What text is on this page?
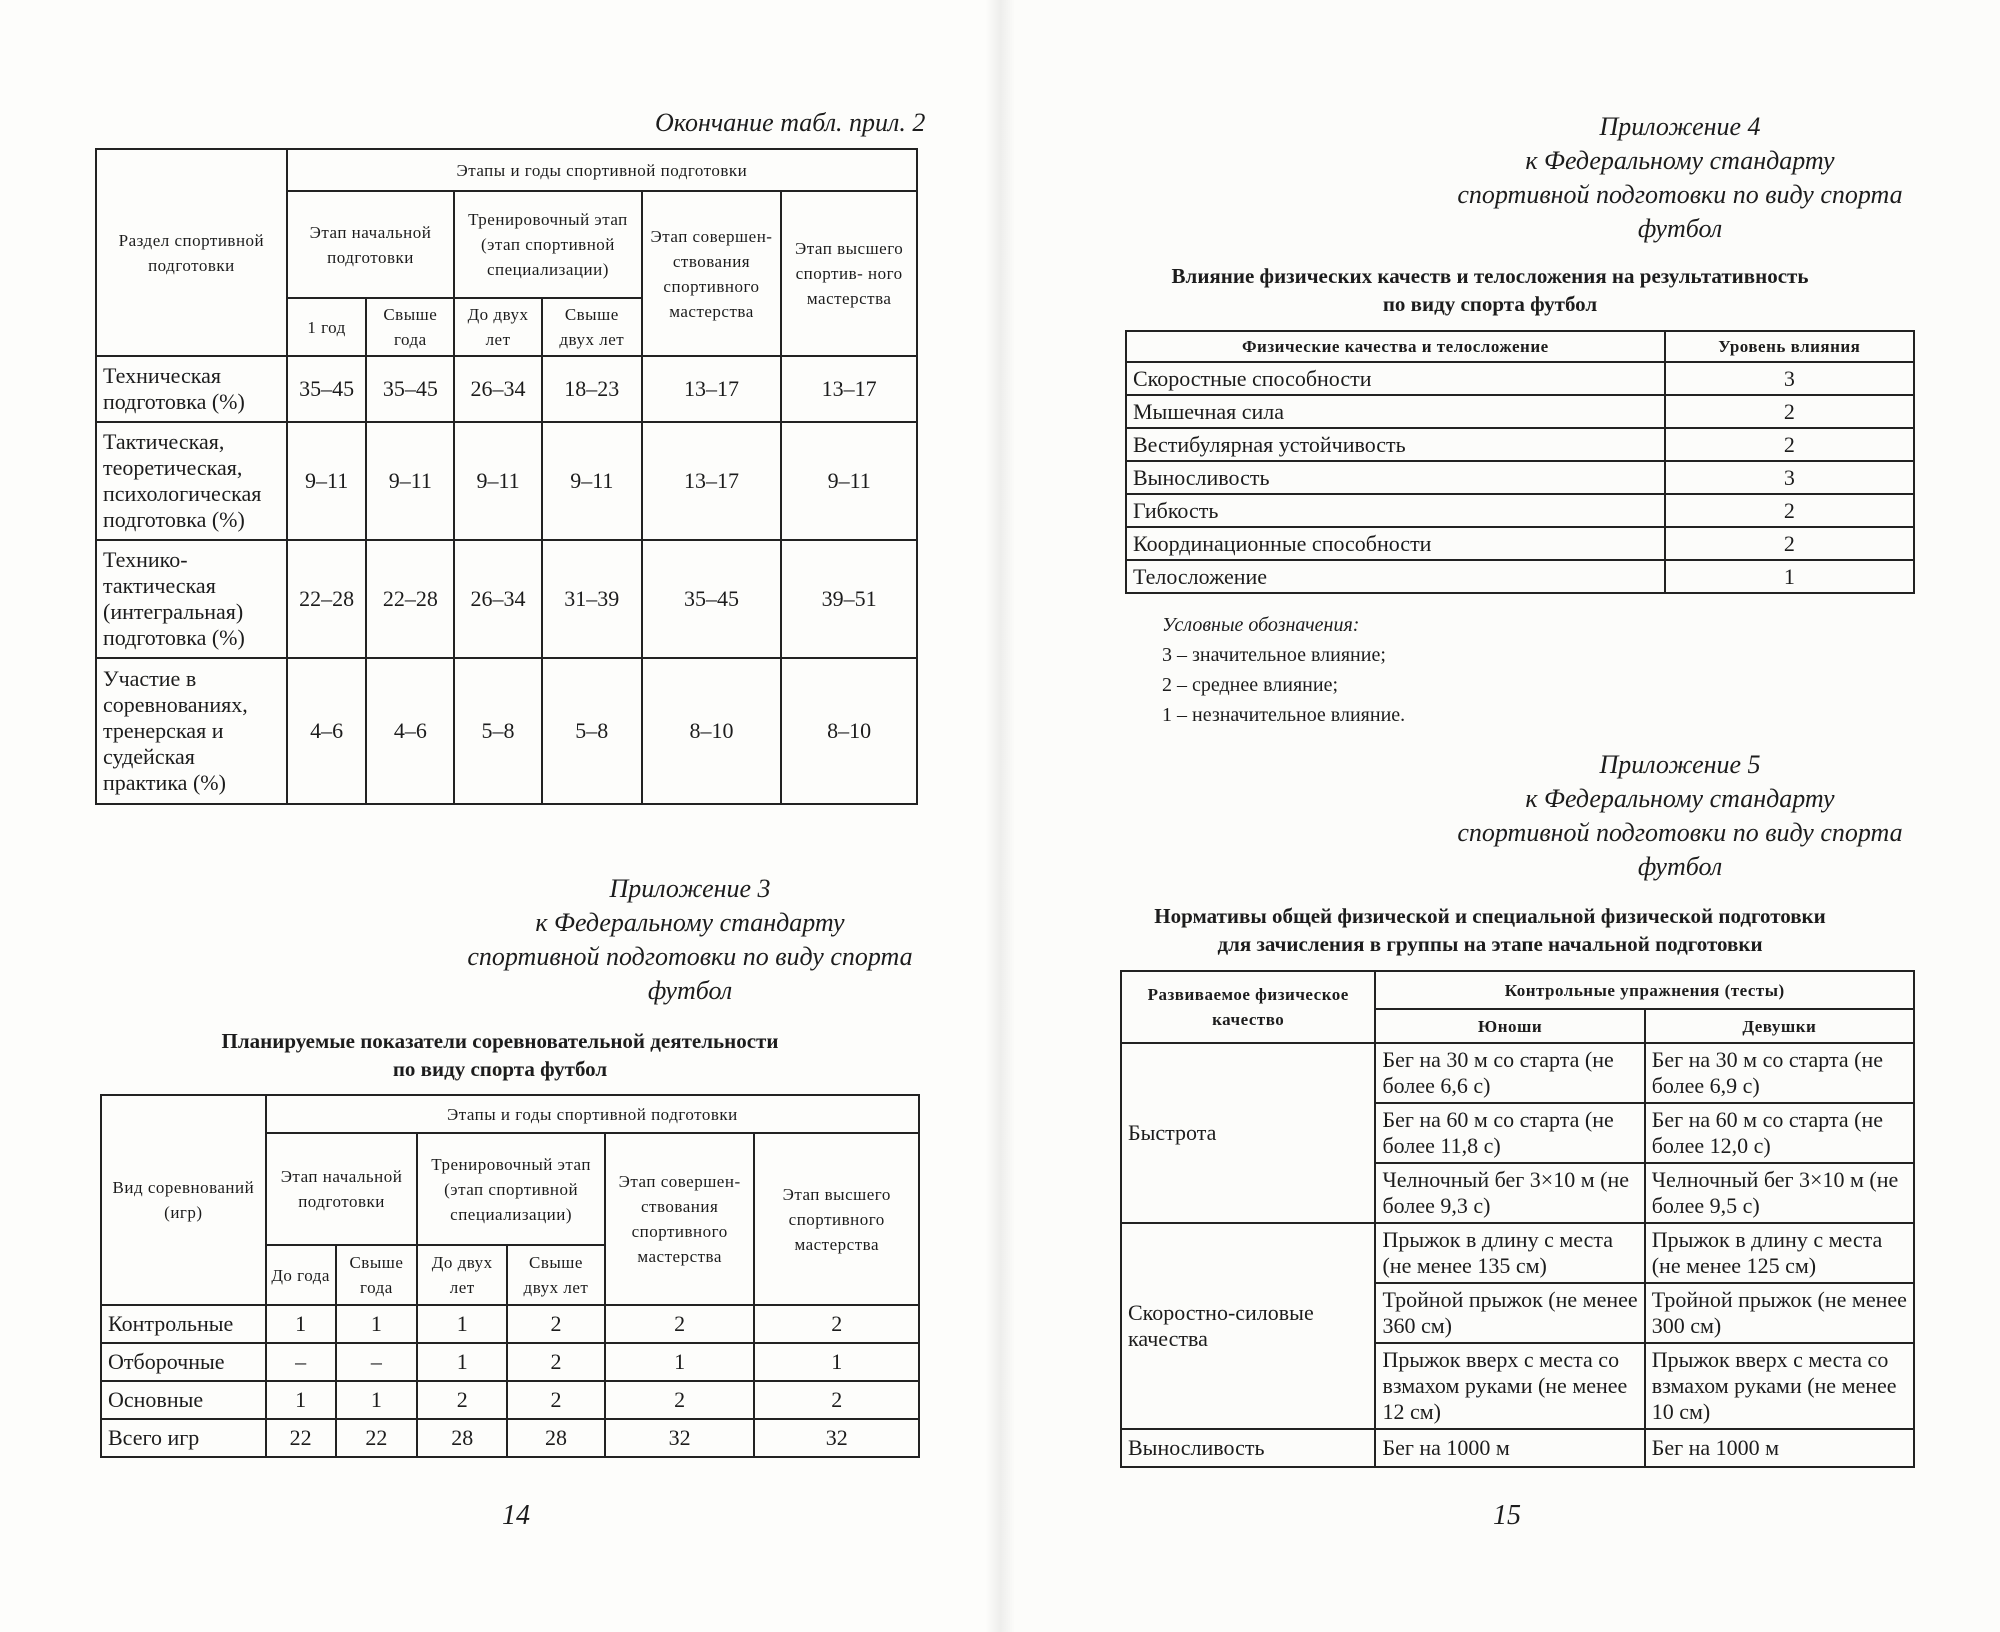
Окончание табл. прил. 2
Раздел спортивной подготовки	Этапы и годы спортивной подготовки					
	Этап начальной подготовки		Тренировочный этап (этап спортивной специализации)		Этап совершен- ствования спортивного мастерства	Этап высшего спортив- ного мастерства
	1 год	Свыше года	До двух лет	Свыше двух лет		
Техническая подготовка (%)	35–45	35–45	26–34	18–23	13–17	13–17
Тактическая, теоретическая, психологическая подготовка (%)	9–11	9–11	9–11	9–11	13–17	9–11
Технико-тактическая (интегральная) подготовка (%)	22–28	22–28	26–34	31–39	35–45	39–51
Участие в соревнованиях, тренерская и судейская практика (%)	4–6	4–6	5–8	5–8	8–10	8–10
Приложение 3
к Федеральному стандарту
спортивной подготовки по виду спорта
футбол
Планируемые показатели соревновательной деятельности
по виду спорта футбол
Вид соревнований (игр)	Этапы и годы спортивной подготовки					
	Этап начальной подготовки		Тренировочный этап (этап спортивной специализации)		Этап совершен- ствования спортивного мастерства	Этап высшего спортивного мастерства
	До года	Свыше года	До двух лет	Свыше двух лет		
Контрольные	1	1	1	2	2	2
Отборочные	–	–	1	2	1	1
Основные	1	1	2	2	2	2
Всего игр	22	22	28	28	32	32
14
Приложение 4
к Федеральному стандарту
спортивной подготовки по виду спорта
футбол
Влияние физических качеств и телосложения на результативность
по виду спорта футбол
Физические качества и телосложение	Уровень влияния
Скоростные способности	3
Мышечная сила	2
Вестибулярная устойчивость	2
Выносливость	3
Гибкость	2
Координационные способности	2
Телосложение	1
Условные обозначения:
3 – значительное влияние;
2 – среднее влияние;
1 – незначительное влияние.
Приложение 5
к Федеральному стандарту
спортивной подготовки по виду спорта
футбол
Нормативы общей физической и специальной физической подготовки
для зачисления в группы на этапе начальной подготовки
Развиваемое физическое качество	Контрольные упражнения (тесты)	
	Юноши	Девушки
Быстрота	Бег на 30 м со старта (не более 6,6 с)	Бег на 30 м со старта (не более 6,9 с)
	Бег на 60 м со старта (не более 11,8 с)	Бег на 60 м со старта (не более 12,0 с)
	Челночный бег 3×10 м (не более 9,3 с)	Челночный бег 3×10 м (не более 9,5 с)
Скоростно-силовые качества	Прыжок в длину с места (не менее 135 см)	Прыжок в длину с места (не менее 125 см)
	Тройной прыжок (не менее 360 см)	Тройной прыжок (не менее 300 см)
	Прыжок вверх с места со взмахом руками (не менее 12 см)	Прыжок вверх с места со взмахом руками (не менее 10 см)
Выносливость	Бег на 1000 м	Бег на 1000 м
15
